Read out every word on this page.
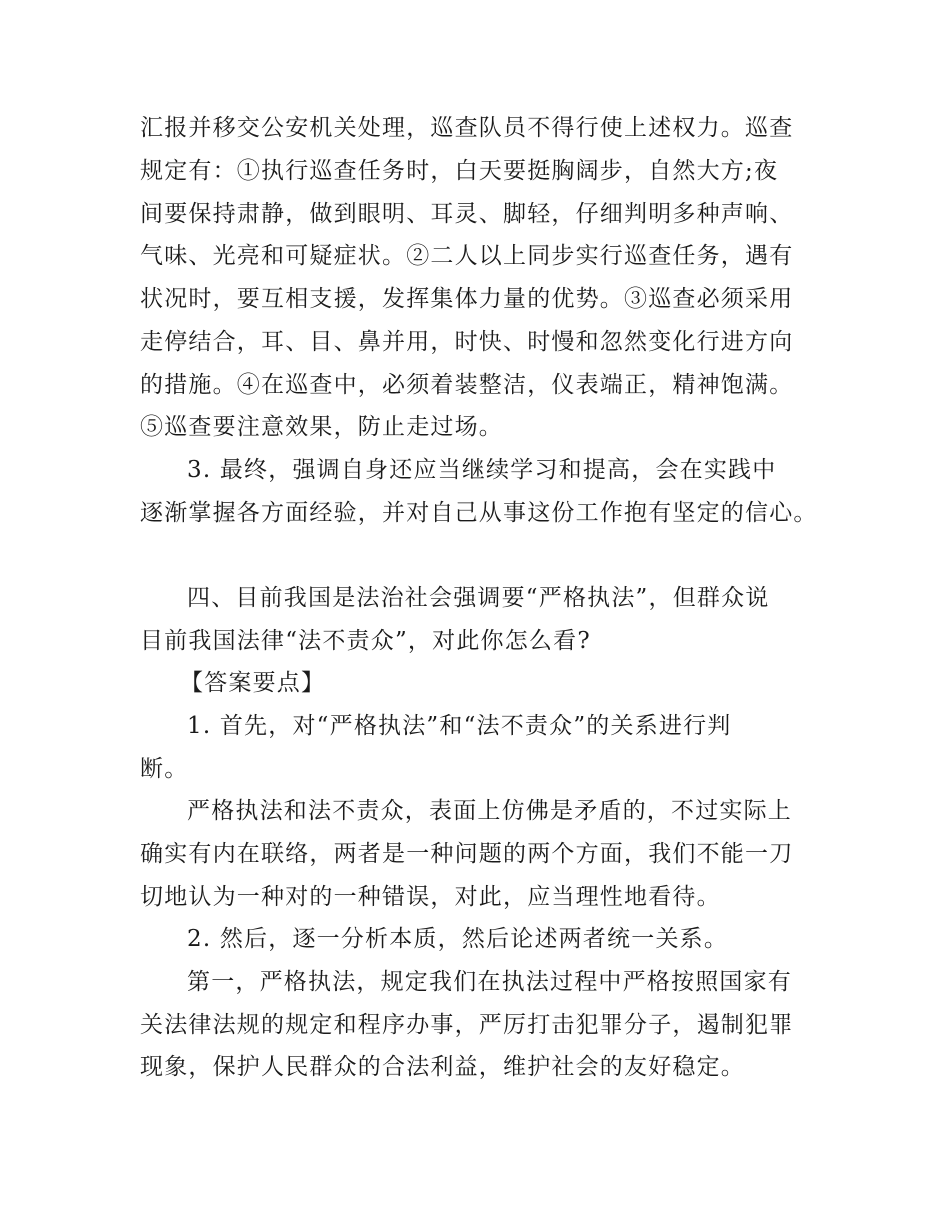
汇报并移交公安机关处理，巡查队员不得行使上述权力。巡查
规定有：①执行巡查任务时，白天要挺胸阔步，自然大方;夜
间要保持肃静，做到眼明、耳灵、脚轻，仔细判明多种声响、
气味、光亮和可疑症状。②二人以上同步实行巡查任务，遇有
状况时，要互相支援，发挥集体力量的优势。③巡查必须采用
走停结合，耳、目、鼻并用，时快、时慢和忽然变化行进方向
的措施。④在巡查中，必须着装整洁，仪表端正，精神饱满。
⑤巡查要注意效果，防止走过场。
3. 最终，强调自身还应当继续学习和提高，会在实践中
逐渐掌握各方面经验，并对自己从事这份工作抱有坚定的信心。
四、目前我国是法治社会强调要“严格执法”，但群众说
目前我国法律“法不责众”，对此你怎么看?
【答案要点】
1. 首先，对“严格执法”和“法不责众”的关系进行判
断。
严格执法和法不责众，表面上仿佛是矛盾的，不过实际上
确实有内在联络，两者是一种问题的两个方面，我们不能一刀
切地认为一种对的一种错误，对此，应当理性地看待。
2. 然后，逐一分析本质，然后论述两者统一关系。
第一，严格执法，规定我们在执法过程中严格按照国家有
关法律法规的规定和程序办事，严厉打击犯罪分子，遏制犯罪
现象，保护人民群众的合法利益，维护社会的友好稳定。
